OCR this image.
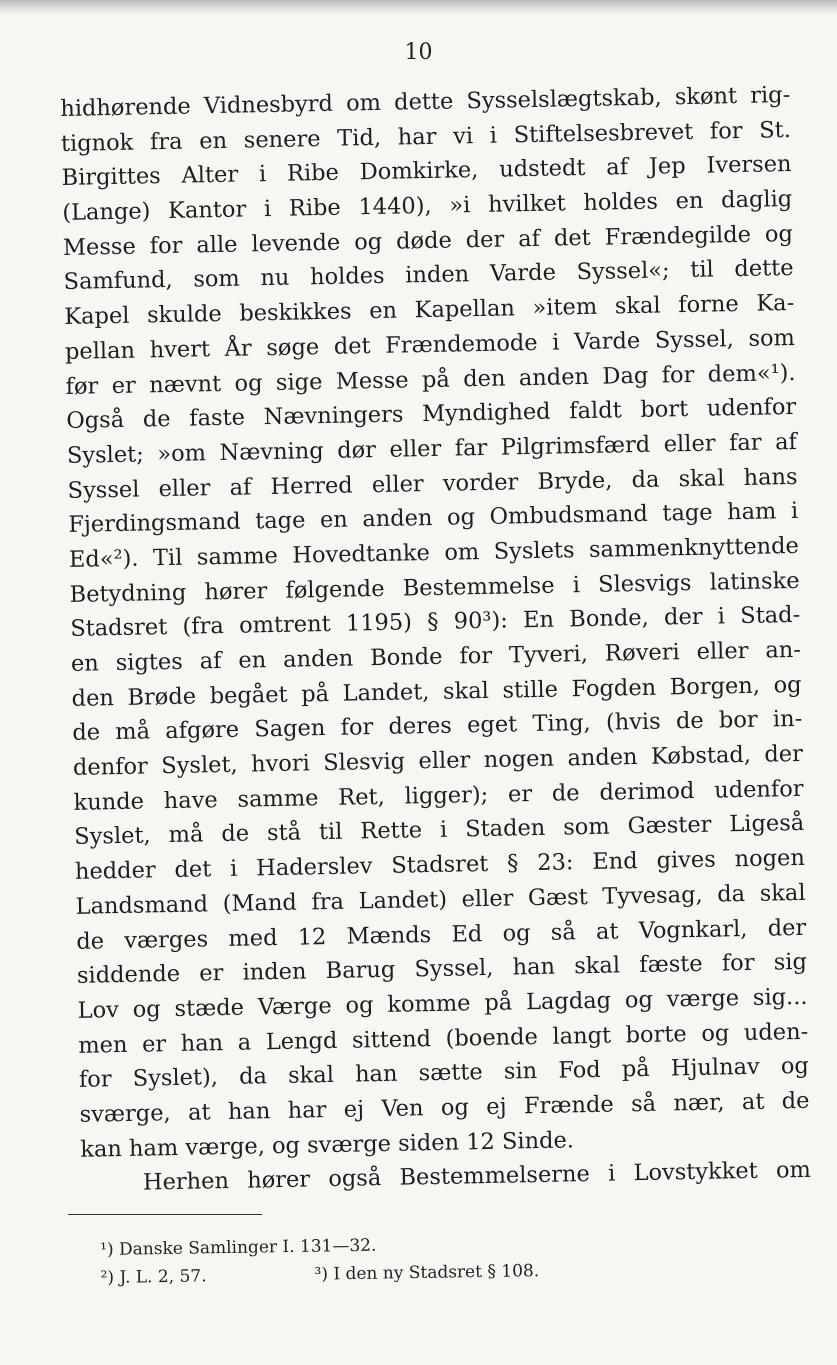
10
hidhørende Vidnesbyrd om dette Sysselslægtskab, skønt rig-
tignok fra en senere Tid, har vi i Stiftelsesbrevet for St.
Birgittes Alter i Ribe Domkirke, udstedt af Jep Iversen
(Lange) Kantor i Ribe 1440), »i hvilket holdes en daglig
Messe for alle levende og døde der af det Frændegilde og
Samfund, som nu holdes inden Varde Syssel«; til dette
Kapel skulde beskikkes en Kapellan »item skal forne Ka-
pellan hvert År søge det Frændemode i Varde Syssel, som
før er nævnt og sige Messe på den anden Dag for dem«¹).
Også de faste Nævningers Myndighed faldt bort udenfor
Syslet; »om Nævning dør eller far Pilgrimsfærd eller far af
Syssel eller af Herred eller vorder Bryde, da skal hans
Fjerdingsmand tage en anden og Ombudsmand tage ham i
Ed«²). Til samme Hovedtanke om Syslets sammenknyttende
Betydning hører følgende Bestemmelse i Slesvigs latinske
Stadsret (fra omtrent 1195) § 90³): En Bonde, der i Stad-
en sigtes af en anden Bonde for Tyveri, Røveri eller an-
den Brøde begået på Landet, skal stille Fogden Borgen, og
de må afgøre Sagen for deres eget Ting, (hvis de bor in-
denfor Syslet, hvori Slesvig eller nogen anden Købstad, der
kunde have samme Ret, ligger); er de derimod udenfor
Syslet, må de stå til Rette i Staden som Gæster Ligeså
hedder det i Haderslev Stadsret § 23: End gives nogen
Landsmand (Mand fra Landet) eller Gæst Tyvesag, da skal
de værges med 12 Mænds Ed og så at Vognkarl, der
siddende er inden Barug Syssel, han skal fæste for sig
Lov og stæde Værge og komme på Lagdag og værge sig...
men er han a Lengd sittend (boende langt borte og uden-
for Syslet), da skal han sætte sin Fod på Hjulnav og
sværge, at han har ej Ven og ej Frænde så nær, at de
kan ham værge, og sværge siden 12 Sinde.
Herhen hører også Bestemmelserne i Lovstykket om
¹) Danske Samlinger I. 131—32.
²) J. L. 2, 57.	³) I den ny Stadsret § 108.
